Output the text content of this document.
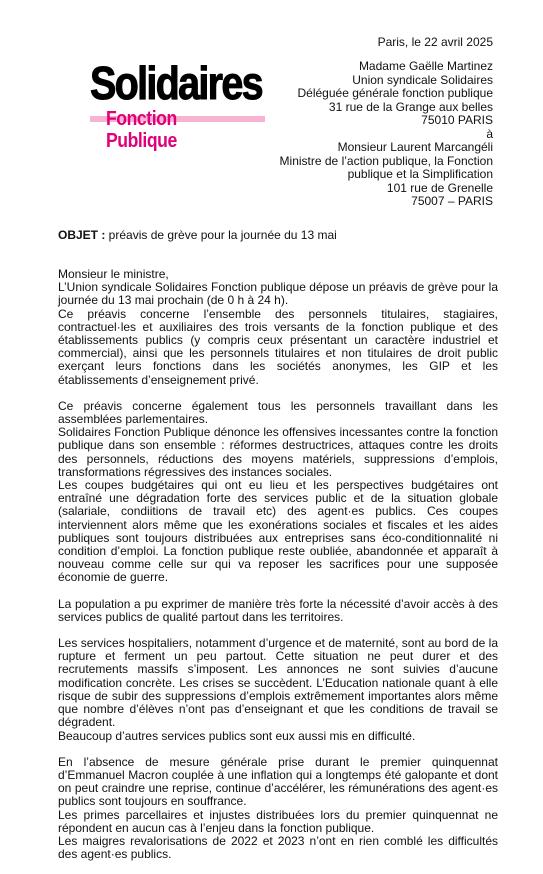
Paris, le 22 avril 2025
Solidaires
Fonction Publique
Madame Gaëlle Martinez
Union syndicale Solidaires
Déléguée générale fonction publique
31 rue de la Grange aux belles
75010 PARIS
à
Monsieur Laurent Marcangéli
Ministre de l’action publique, la Fonction
publique et la Simplification
101 rue de Grenelle
75007 – PARIS
OBJET : préavis de grève pour la journée du 13 mai

Monsieur le ministre,
L’Union syndicale Solidaires Fonction publique dépose un préavis de grève pour la journée du 13 mai prochain (de 0 h à 24 h).
Ce préavis concerne l’ensemble des personnels titulaires, stagiaires, contractuel·les et auxiliaires des trois versants de la fonction publique et des établissements publics (y compris ceux présentant un caractère industriel et commercial), ainsi que les personnels titulaires et non titulaires de droit public exerçant leurs fonctions dans les sociétés anonymes, les GIP et les établissements d’enseignement privé.

Ce préavis concerne également tous les personnels travaillant dans les assemblées parlementaires.
Solidaires Fonction Publique dénonce les offensives incessantes contre la fonction publique dans son ensemble : réformes destructrices, attaques contre les droits des personnels, réductions des moyens matériels, suppressions d’emplois, transformations régressives des instances sociales.
Les coupes budgétaires qui ont eu lieu et les perspectives budgétaires ont entraîné une dégradation forte des services public et de la situation globale (salariale, condiitions de travail etc) des agent·es publics. Ces coupes interviennent alors même que les exonérations sociales et fiscales et les aides publiques sont toujours distribuées aux entreprises sans éco-conditionnalité ni condition d’emploi. La fonction publique reste oubliée, abandonnée et apparaît à nouveau comme celle sur qui va reposer les sacrifices pour une supposée économie de guerre.

La population a pu exprimer de manière très forte la nécessité d’avoir accès à des services publics de qualité partout dans les territoires.

Les services hospitaliers, notamment d’urgence et de maternité, sont au bord de la rupture et ferment un peu partout. Cette situation ne peut durer et des recrutements massifs s’imposent. Les annonces ne sont suivies d’aucune modification concrète. Les crises se succèdent. L’Education nationale quant à elle risque de subir des suppressions d’emplois extrêmement importantes alors même que nombre d’élèves n’ont pas d’enseignant et que les conditions de travail se dégradent.
Beaucoup d’autres services publics sont eux aussi mis en difficulté.

En l’absence de mesure générale prise durant le premier quinquennat d’Emmanuel Macron couplée à une inflation qui a longtemps été galopante et dont on peut craindre une reprise, continue d’accélérer, les rémunérations des agent·es publics sont toujours en souffrance.
Les primes parcellaires et injustes distribuées lors du premier quinquennat ne répondent en aucun cas à l’enjeu dans la fonction publique.
Les maigres revalorisations de 2022 et 2023 n’ont en rien comblé les difficultés des agent·es publics.
